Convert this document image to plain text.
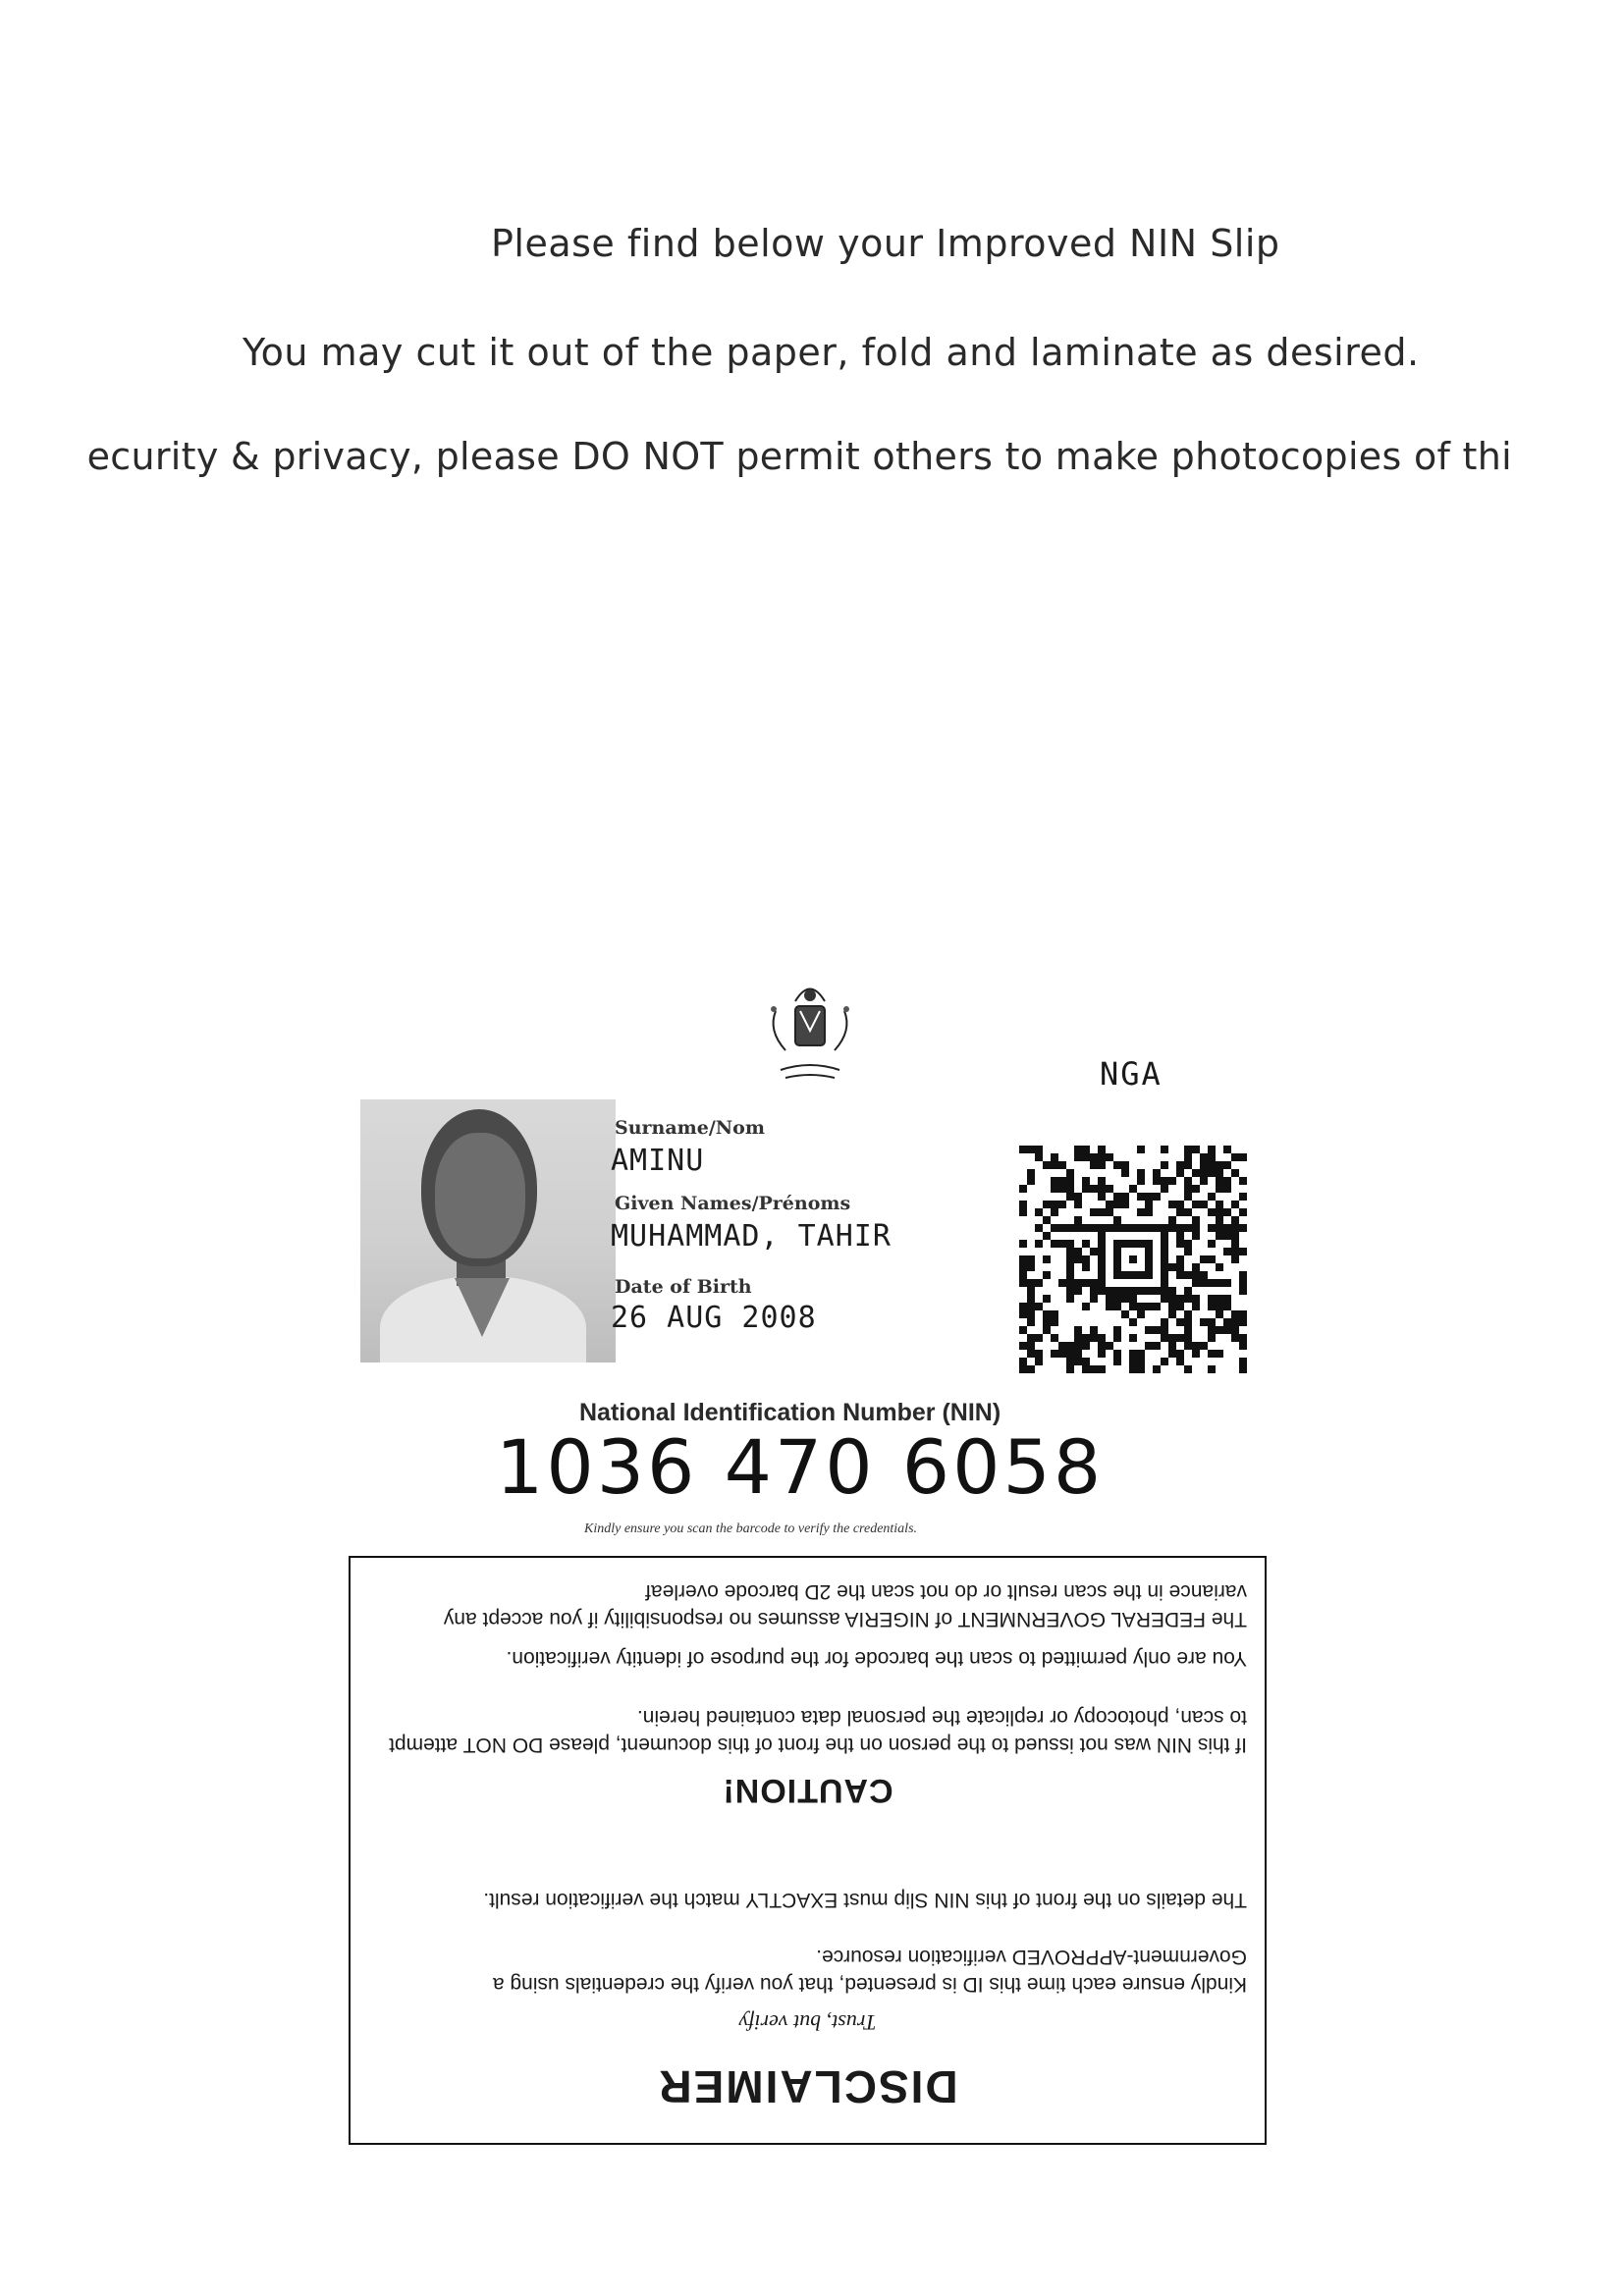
Please find below your Improved NIN Slip

You may cut it out of the paper, fold and laminate as desired.

ecurity & privacy, please DO NOT permit others to make photocopies of thi
NGA
Surname/Nom
AMINU
Given Names/Prénoms
MUHAMMAD, TAHIR
Date of Birth
26 AUG 2008
National Identification Number (NIN)
1036 470 6058
Kindly ensure you scan the barcode to verify the credentials.
DISCLAIMER

Trust, but verify

Kindly ensure each time this ID is presented, that you verify the credentials using a Government-APPROVED verification resource.

The details on the front of this NIN Slip must EXACTLY match the verification result.

CAUTION!

If this NIN was not issued to the person on the front of this document, please DO NOT attempt to scan, photocopy or replicate the personal data contained herein.

You are only permitted to scan the barcode for the purpose of identity verification.

The FEDERAL GOVERNMENT of NIGERIA assumes no responsibility if you accept any variance in the scan result or do not scan the 2D barcode overleaf
